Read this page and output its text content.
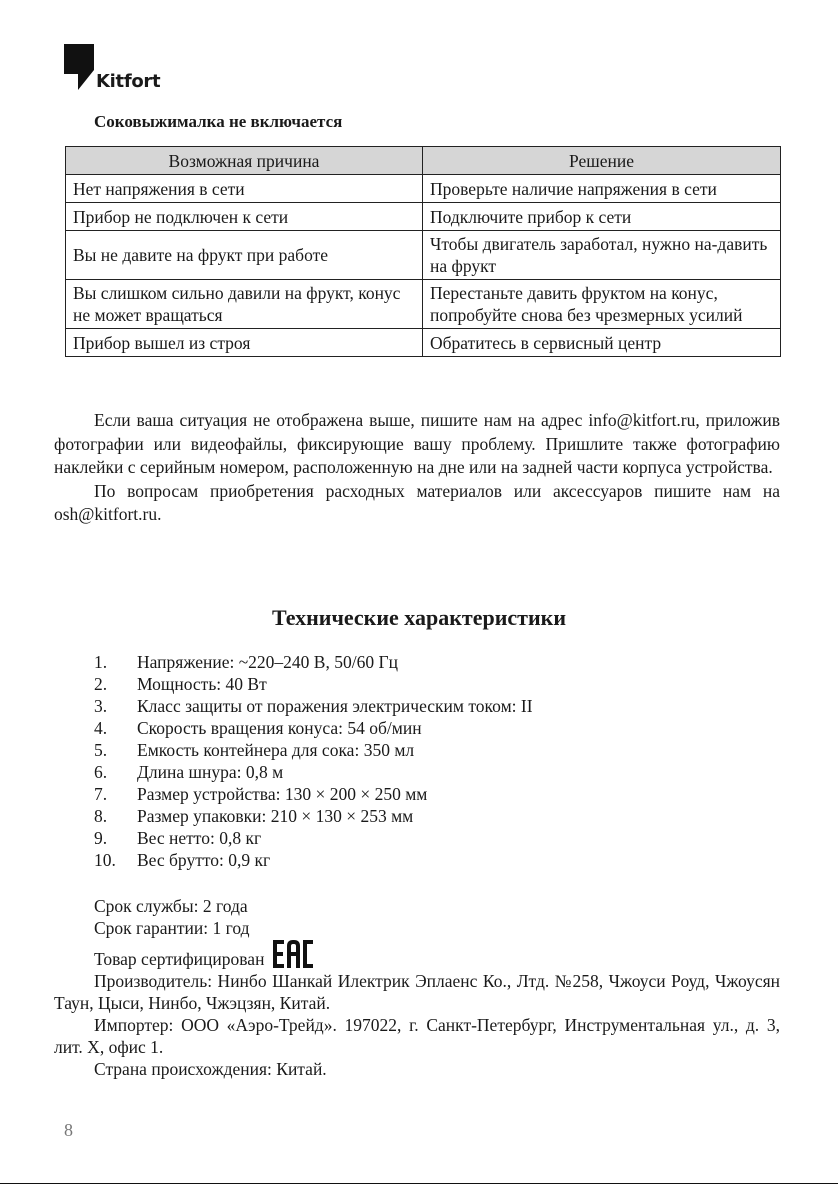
Kitfort
Соковыжималка не включается
Возможная причина	Решение
Нет напряжения в сети	Проверьте наличие напряжения в сети
Прибор не подключен к сети	Подключите прибор к сети
Вы не давите на фрукт при работе	Чтобы двигатель заработал, нужно на-давить на фрукт
Вы слишком сильно давили на фрукт, конус не может вращаться	Перестаньте давить фруктом на конус, попробуйте снова без чрезмерных усилий
Прибор вышел из строя	Обратитесь в сервисный центр

Если ваша ситуация не отображена выше, пишите нам на адрес info@kitfort.ru, приложив фотографии или видеофайлы, фиксирующие вашу проблему. Пришлите также фотографию наклейки с серийным номером, расположенную на дне или на задней части корпуса устройства.

По вопросам приобретения расходных материалов или аксессуаров пишите нам на osh@kitfort.ru.

Технические характеристики
1.	Напряжение: ~220–240 В, 50/60 Гц
2.	Мощность: 40 Вт
3.	Класс защиты от поражения электрическим током: II
4.	Скорость вращения конуса: 54 об/мин
5.	Емкость контейнера для сока: 350 мл
6.	Длина шнура: 0,8 м
7.	Размер устройства: 130 × 200 × 250 мм
8.	Размер упаковки: 210 × 130 × 253 мм
9.	Вес нетто: 0,8 кг
10.	Вес брутто: 0,9 кг

Срок службы: 2 года

Срок гарантии: 1 год

Товар сертифицирован

Производитель: Нинбо Шанкай Илектрик Эплаенс Ко., Лтд. №258, Чжоуси Роуд, Чжоусян Таун, Цыси, Нинбо, Чжэцзян, Китай.

Импортер: ООО «Аэро-Трейд». 197022, г. Санкт-Петербург, Инструментальная ул., д. 3, лит. Х, офис 1.

Страна происхождения: Китай.

8
